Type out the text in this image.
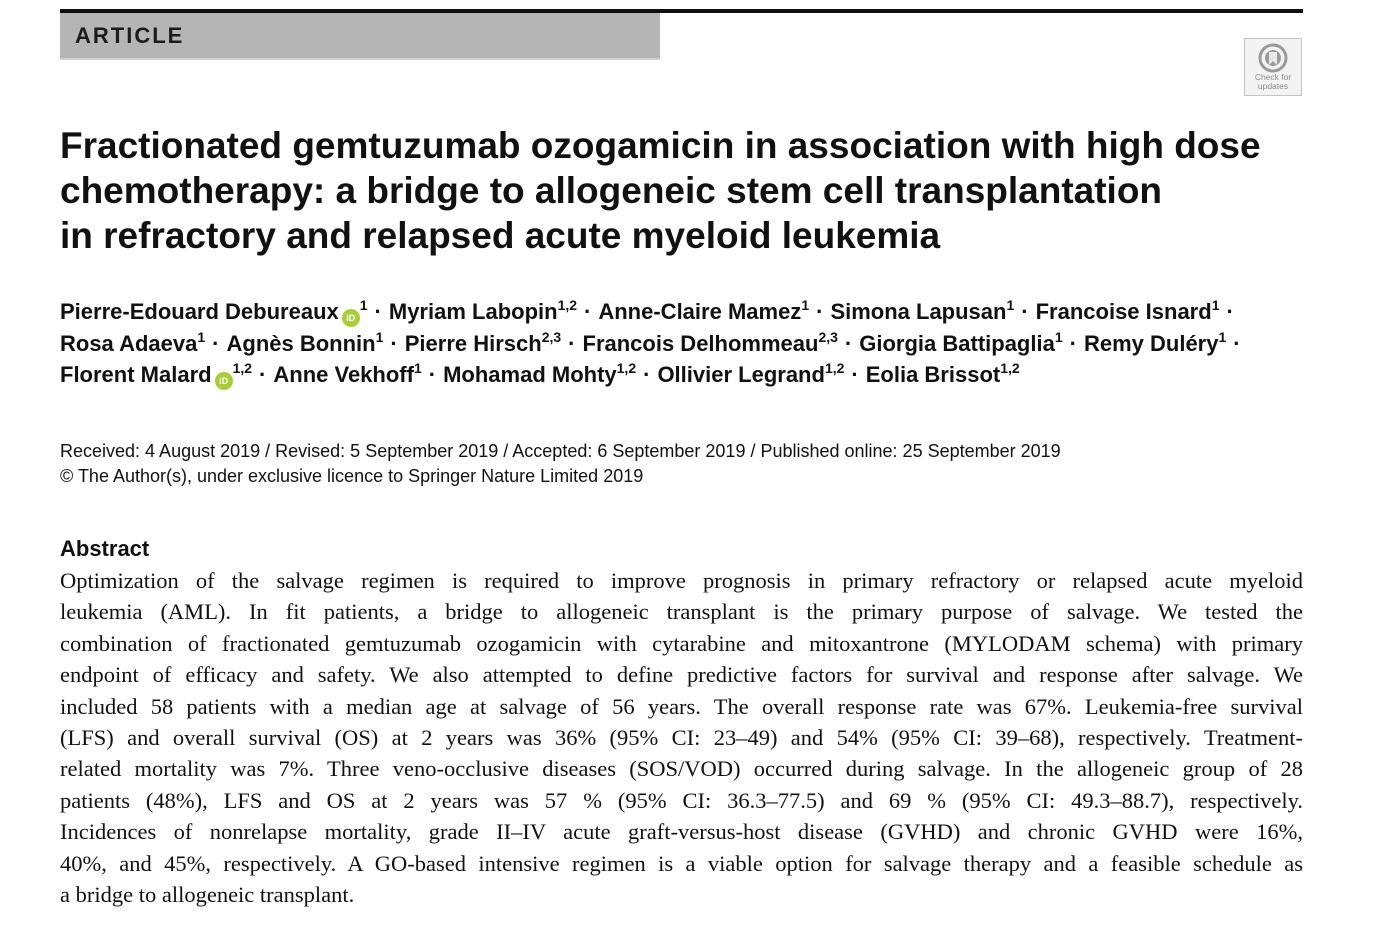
ARTICLE
Check for
updates
Fractionated gemtuzumab ozogamicin in association with high dose
chemotherapy: a bridge to allogeneic stem cell transplantation
in refractory and relapsed acute myeloid leukemia
Pierre-Edouard Debureaux $iD^1$ · Myriam Labopin$^{1,2}$ · Anne-Claire Mamez$^1$ · Simona Lapusan$^1$ · Francoise Isnard$^1$ ·
Rosa Adaeva$^1$ · Agnès Bonnin$^1$ · Pierre Hirsch$^{2,3}$ · Francois Delhommeau$^{2,3}$ · Giorgia Battipaglia$^1$ · Remy Duléry$^1$ ·
Florent Malard iD$^{1,2}$ · Anne Vekhoff$^1$ · Mohamad Mohty$^{1,2}$ · Ollivier Legrand$^{1,2}$ · Eolia Brissot$^{1,2}$
Received: 4 August 2019 / Revised: 5 September 2019 / Accepted: 6 September 2019 / Published online: 25 September 2019
© The Author(s), under exclusive licence to Springer Nature Limited 2019
Abstract
Optimization of the salvage regimen is required to improve prognosis in primary refractory or relapsed acute myeloid
leukemia (AML). In fit patients, a bridge to allogeneic transplant is the primary purpose of salvage. We tested the
combination of fractionated gemtuzumab ozogamicin with cytarabine and mitoxantrone (MYLODAM schema) with primary
endpoint of efficacy and safety. We also attempted to define predictive factors for survival and response after salvage. We
included 58 patients with a median age at salvage of 56 years. The overall response rate was 67%. Leukemia-free survival
(LFS) and overall survival (OS) at 2 years was 36% (95% CI: 23–49) and 54% (95% CI: 39–68), respectively. Treatment-
related mortality was 7%. Three veno-occlusive diseases (SOS/VOD) occurred during salvage. In the allogeneic group of 28
patients (48%), LFS and OS at 2 years was 57 % (95% CI: 36.3–77.5) and 69 % (95% CI: 49.3–88.7), respectively.
Incidences of nonrelapse mortality, grade II–IV acute graft-versus-host disease (GVHD) and chronic GVHD were 16%,
40%, and 45%, respectively. A GO-based intensive regimen is a viable option for salvage therapy and a feasible schedule as
a bridge to allogeneic transplant.
